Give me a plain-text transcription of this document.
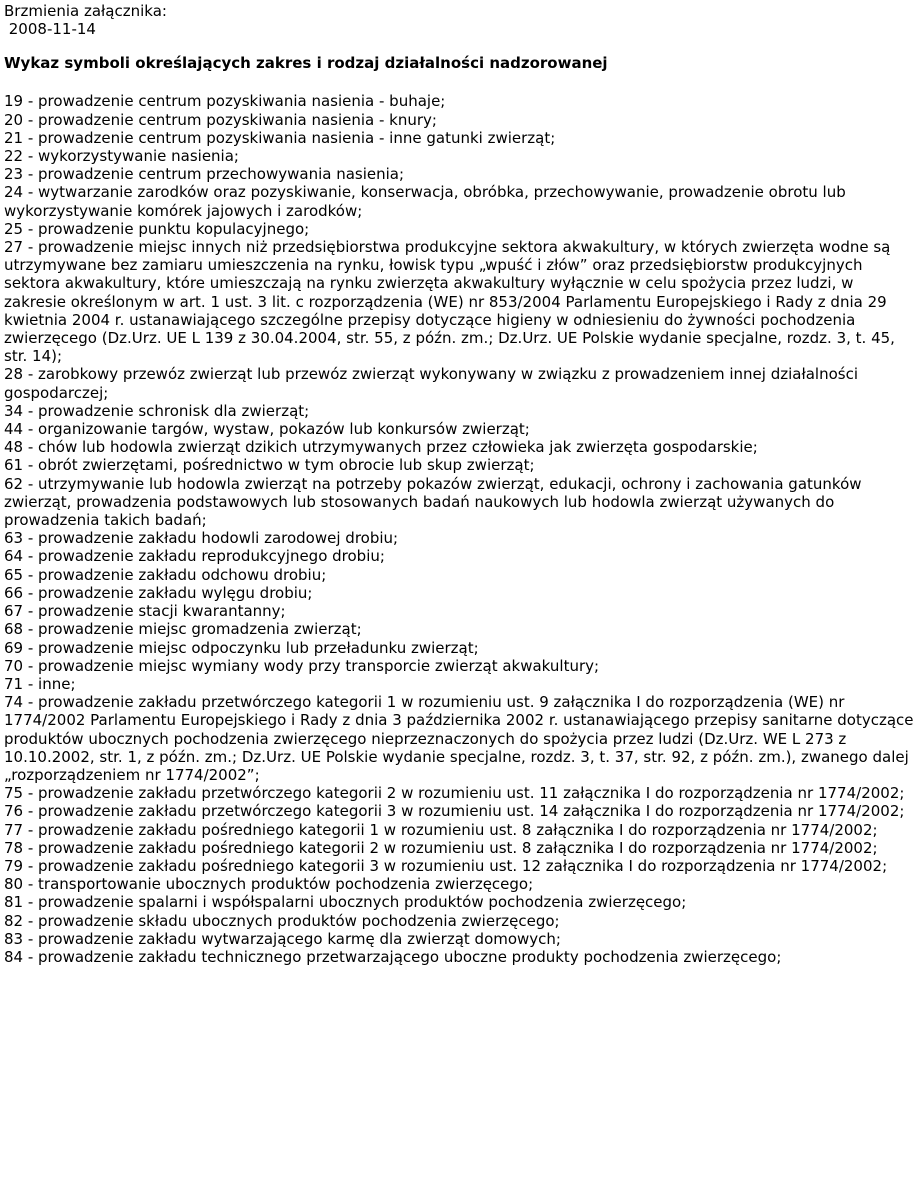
Brzmienia załącznika:
2008-11-14
Wykaz symboli określających zakres i rodzaj działalności nadzorowanej
19 - prowadzenie centrum pozyskiwania nasienia - buhaje;
20 - prowadzenie centrum pozyskiwania nasienia - knury;
21 - prowadzenie centrum pozyskiwania nasienia - inne gatunki zwierząt;
22 - wykorzystywanie nasienia;
23 - prowadzenie centrum przechowywania nasienia;
24 - wytwarzanie zarodków oraz pozyskiwanie, konserwacja, obróbka, przechowywanie, prowadzenie obrotu lub wykorzystywanie komórek jajowych i zarodków;
25 - prowadzenie punktu kopulacyjnego;
27 - prowadzenie miejsc innych niż przedsiębiorstwa produkcyjne sektora akwakultury, w których zwierzęta wodne są utrzymywane bez zamiaru umieszczenia na rynku, łowisk typu „wpuść i złów” oraz przedsiębiorstw produkcyjnych sektora akwakultury, które umieszczają na rynku zwierzęta akwakultury wyłącznie w celu spożycia przez ludzi, w zakresie określonym w art. 1 ust. 3 lit. c rozporządzenia (WE) nr 853/2004 Parlamentu Europejskiego i Rady z dnia 29 kwietnia 2004 r. ustanawiającego szczególne przepisy dotyczące higieny w odniesieniu do żywności pochodzenia zwierzęcego (Dz.Urz. UE L 139 z 30.04.2004, str. 55, z późn. zm.; Dz.Urz. UE Polskie wydanie specjalne, rozdz. 3, t. 45, str. 14);
28 - zarobkowy przewóz zwierząt lub przewóz zwierząt wykonywany w związku z prowadzeniem innej działalności gospodarczej;
34 - prowadzenie schronisk dla zwierząt;
44 - organizowanie targów, wystaw, pokazów lub konkursów zwierząt;
48 - chów lub hodowla zwierząt dzikich utrzymywanych przez człowieka jak zwierzęta gospodarskie;
61 - obrót zwierzętami, pośrednictwo w tym obrocie lub skup zwierząt;
62 - utrzymywanie lub hodowla zwierząt na potrzeby pokazów zwierząt, edukacji, ochrony i zachowania gatunków zwierząt, prowadzenia podstawowych lub stosowanych badań naukowych lub hodowla zwierząt używanych do prowadzenia takich badań;
63 - prowadzenie zakładu hodowli zarodowej drobiu;
64 - prowadzenie zakładu reprodukcyjnego drobiu;
65 - prowadzenie zakładu odchowu drobiu;
66 - prowadzenie zakładu wylęgu drobiu;
67 - prowadzenie stacji kwarantanny;
68 - prowadzenie miejsc gromadzenia zwierząt;
69 - prowadzenie miejsc odpoczynku lub przeładunku zwierząt;
70 - prowadzenie miejsc wymiany wody przy transporcie zwierząt akwakultury;
71 - inne;
74 - prowadzenie zakładu przetwórczego kategorii 1 w rozumieniu ust. 9 załącznika I do rozporządzenia (WE) nr 1774/2002 Parlamentu Europejskiego i Rady z dnia 3 października 2002 r. ustanawiającego przepisy sanitarne dotyczące produktów ubocznych pochodzenia zwierzęcego nieprzeznaczonych do spożycia przez ludzi (Dz.Urz. WE L 273 z 10.10.2002, str. 1, z późn. zm.; Dz.Urz. UE Polskie wydanie specjalne, rozdz. 3, t. 37, str. 92, z późn. zm.), zwanego dalej „rozporządzeniem nr 1774/2002”;
75 - prowadzenie zakładu przetwórczego kategorii 2 w rozumieniu ust. 11 załącznika I do rozporządzenia nr 1774/2002;
76 - prowadzenie zakładu przetwórczego kategorii 3 w rozumieniu ust. 14 załącznika I do rozporządzenia nr 1774/2002;
77 - prowadzenie zakładu pośredniego kategorii 1 w rozumieniu ust. 8 załącznika I do rozporządzenia nr 1774/2002;
78 - prowadzenie zakładu pośredniego kategorii 2 w rozumieniu ust. 8 załącznika I do rozporządzenia nr 1774/2002;
79 - prowadzenie zakładu pośredniego kategorii 3 w rozumieniu ust. 12 załącznika I do rozporządzenia nr 1774/2002;
80 - transportowanie ubocznych produktów pochodzenia zwierzęcego;
81 - prowadzenie spalarni i współspalarni ubocznych produktów pochodzenia zwierzęcego;
82 - prowadzenie składu ubocznych produktów pochodzenia zwierzęcego;
83 - prowadzenie zakładu wytwarzającego karmę dla zwierząt domowych;
84 - prowadzenie zakładu technicznego przetwarzającego uboczne produkty pochodzenia zwierzęcego;
